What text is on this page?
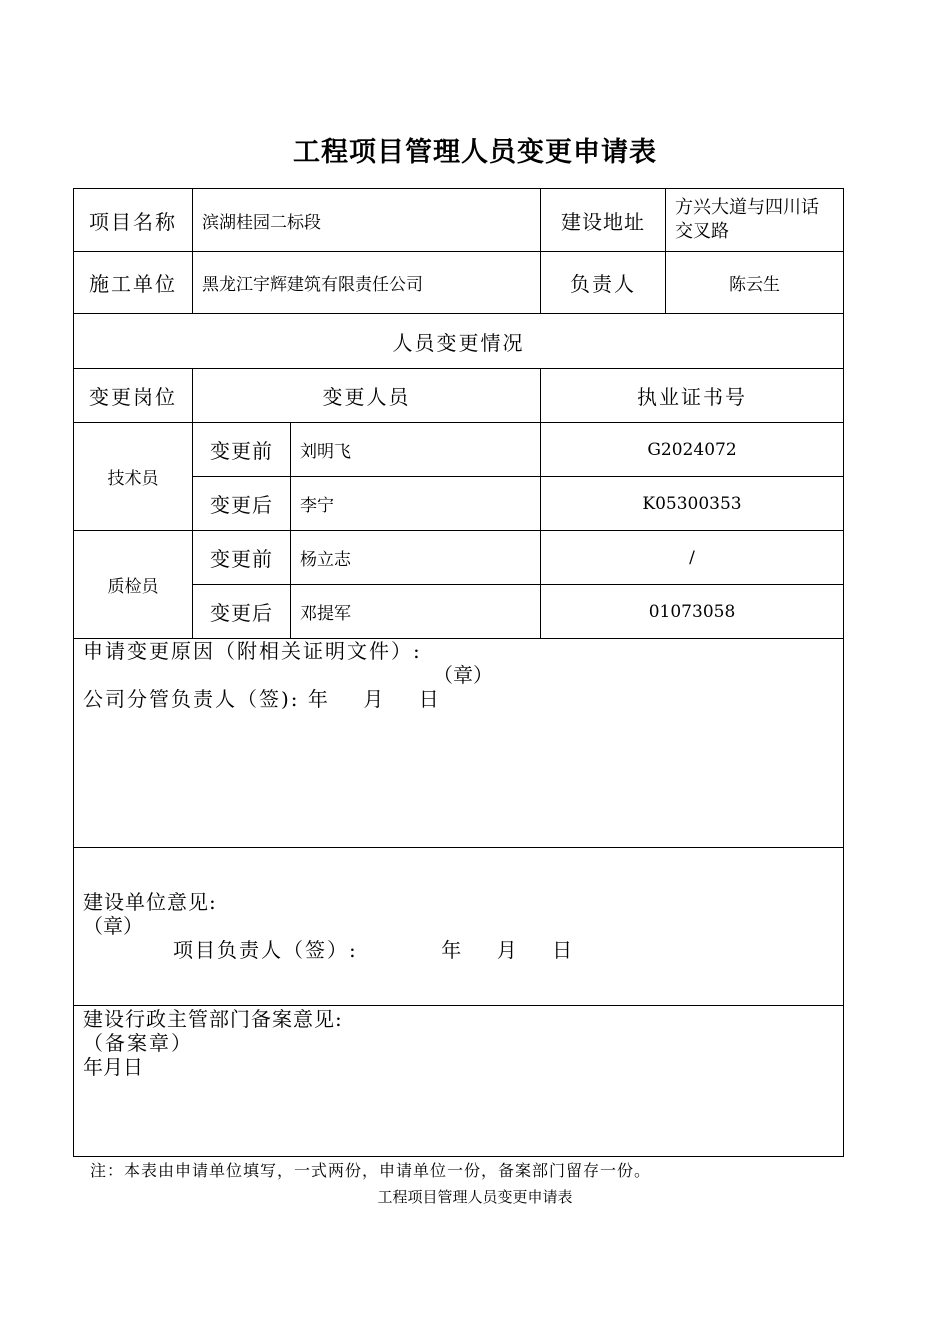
工程项目管理人员变更申请表
项目名称	滨湖桂园二标段		建设地址	方兴大道与四川话
交叉路

施工单位	黑龙江宇辉建筑有限责任公司		负责人	陈云生
人员变更情况				
变更岗位	变更人员		执业证书号	
技术员	变更前	刘明飞	G2024072	
	变更后	李宁	K05300353	
质检员	变更前	杨立志	/	
	变更后	邓提军	01073058	

申请变更原因（附相关证明文件）:
（章）
公司分管负责人（签): 年    月    日				

建设单位意见:
（章）
项目负责人（签）:          年    月    日				

建设行政主管部门备案意见:
（备案章）
年月日				
注：本表由申请单位填写，一式两份，申请单位一份，备案部门留存一份。
工程项目管理人员变更申请表
